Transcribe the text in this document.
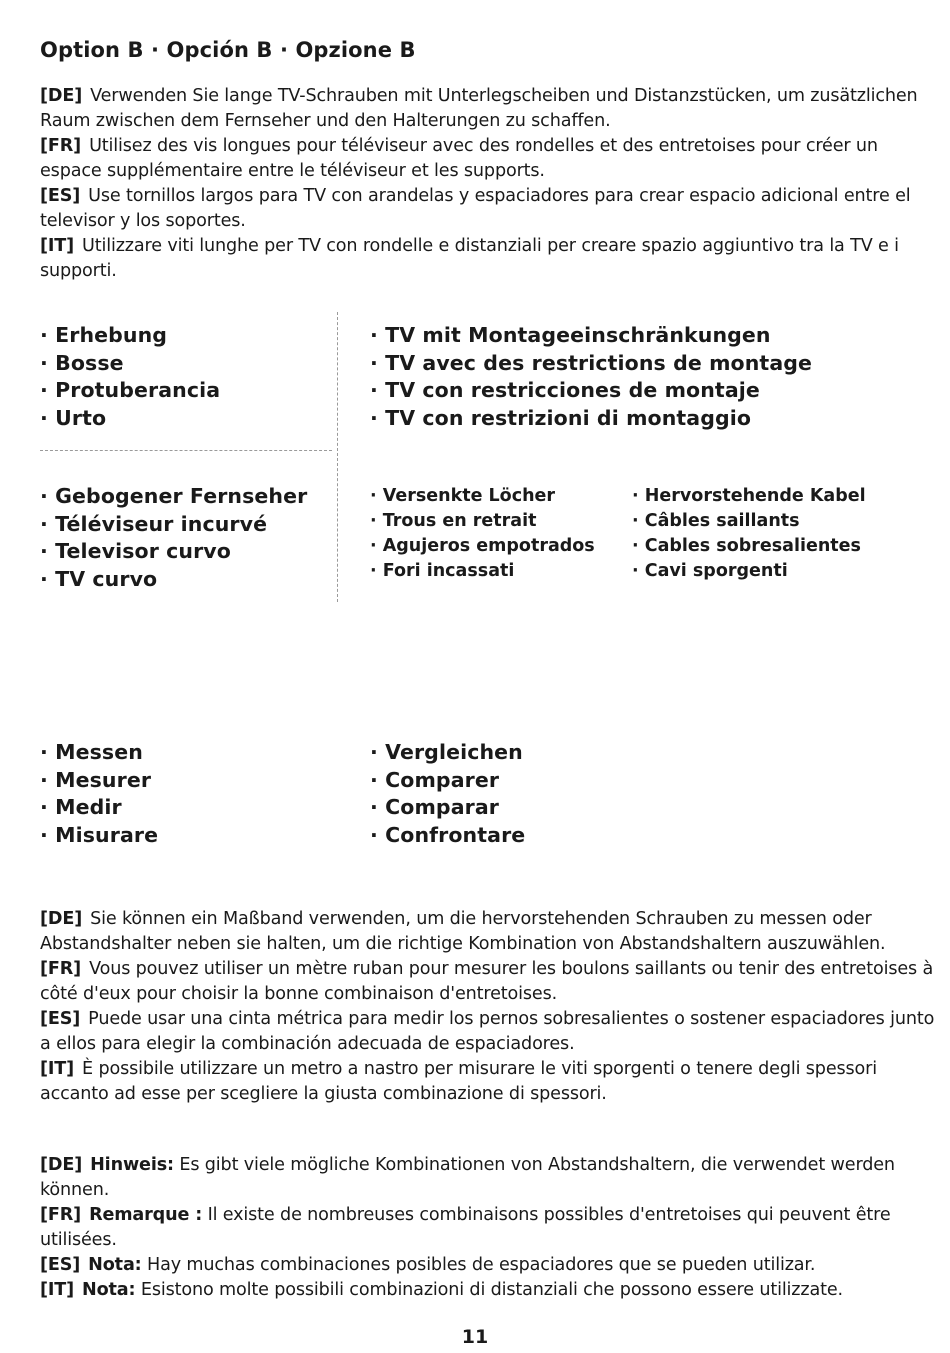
Option B · Opción B · Opzione B

[DE] Verwenden Sie lange TV-Schrauben mit Unterlegscheiben und Distanzstücken, um zusätzlichen Raum zwischen dem Fernseher und den Halterungen zu schaffen.

[FR] Utilisez des vis longues pour téléviseur avec des rondelles et des entretoises pour créer un espace supplémentaire entre le téléviseur et les supports.

[ES] Use tornillos largos para TV con arandelas y espaciadores para crear espacio adicional entre el televisor y los soportes.

[IT] Utilizzare viti lunghe per TV con rondelle e distanziali per creare spazio aggiuntivo tra la TV e i supporti.

· Erhebung
· Bosse
· Protuberancia
· Urto
· TV mit Montageeinschränkungen
· TV avec des restrictions de montage
· TV con restricciones de montaje
· TV con restrizioni di montaggio
· Gebogener Fernseher
· Téléviseur incurvé
· Televisor curvo
· TV curvo
· Versenkte Löcher
· Trous en retrait
· Agujeros empotrados
· Fori incassati
· Hervorstehende Kabel
· Câbles saillants
· Cables sobresalientes
· Cavi sporgenti
· Messen
· Mesurer
· Medir
· Misurare
· Vergleichen
· Comparer
· Comparar
· Confrontare

[DE] Sie können ein Maßband verwenden, um die hervorstehenden Schrauben zu messen oder Abstandshalter neben sie halten, um die richtige Kombination von Abstandshaltern auszuwählen.

[FR] Vous pouvez utiliser un mètre ruban pour mesurer les boulons saillants ou tenir des entretoises à côté d'eux pour choisir la bonne combinaison d'entretoises.

[ES] Puede usar una cinta métrica para medir los pernos sobresalientes o sostener espaciadores junto a ellos para elegir la combinación adecuada de espaciadores.

[IT] È possibile utilizzare un metro a nastro per misurare le viti sporgenti o tenere degli spessori accanto ad esse per scegliere la giusta combinazione di spessori.

[DE] Hinweis: Es gibt viele mögliche Kombinationen von Abstandshaltern, die verwendet werden können.

[FR] Remarque : Il existe de nombreuses combinaisons possibles d'entretoises qui peuvent être utilisées.

[ES] Nota: Hay muchas combinaciones posibles de espaciadores que se pueden utilizar.

[IT] Nota: Esistono molte possibili combinazioni di distanziali che possono essere utilizzate.

11
